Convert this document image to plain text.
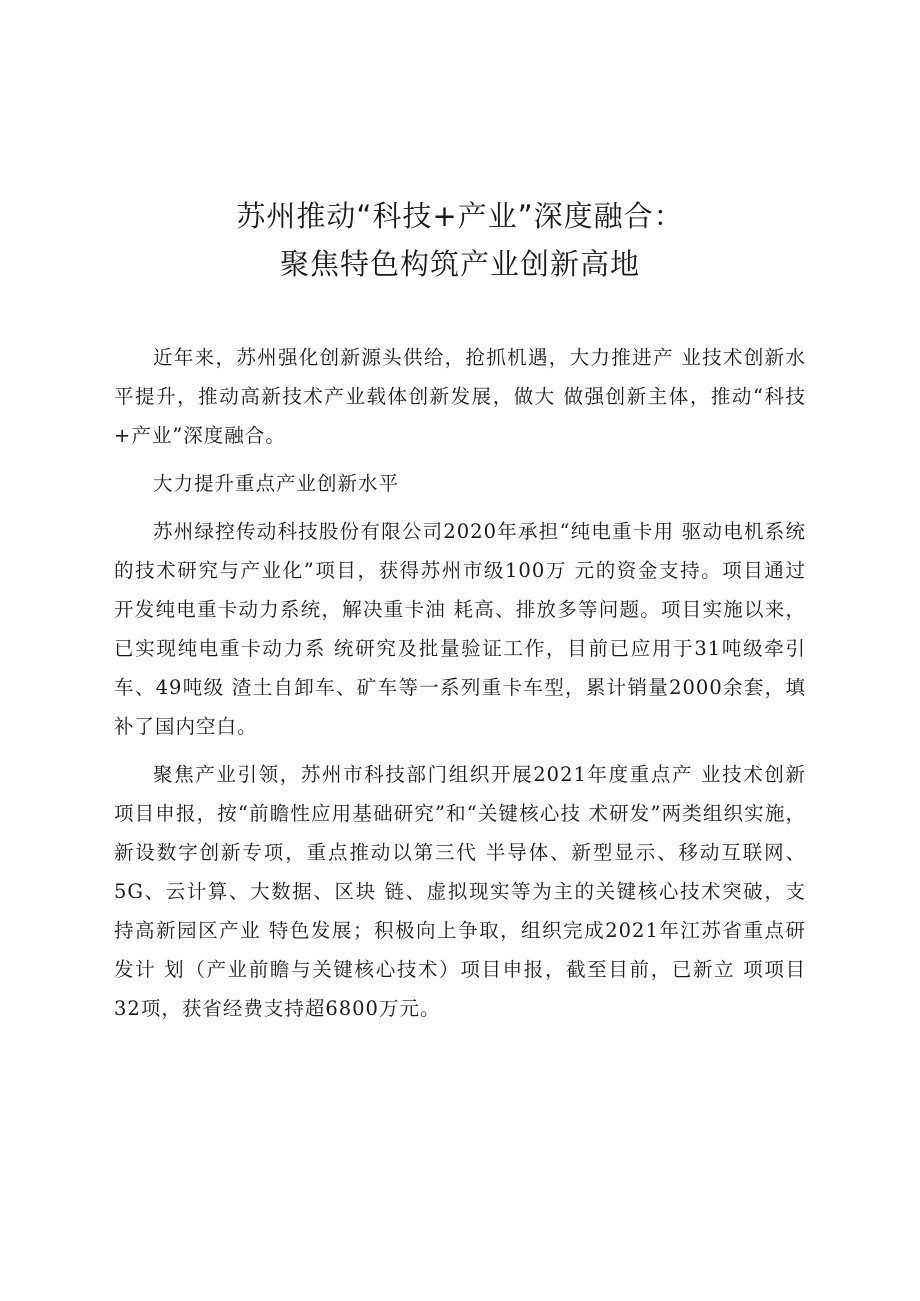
苏州推动“科技+产业”深度融合：
聚焦特色构筑产业创新高地

近年来，苏州强化创新源头供给，抢抓机遇，大力推进产 业技术创新水平提升，推动高新技术产业载体创新发展，做大 做强创新主体，推动“科技+产业”深度融合。

大力提升重点产业创新水平

苏州绿控传动科技股份有限公司2020年承担“纯电重卡用 驱动电机系统的技术研究与产业化”项目，获得苏州市级100万 元的资金支持。项目通过开发纯电重卡动力系统，解决重卡油 耗高、排放多等问题。项目实施以来，已实现纯电重卡动力系 统研究及批量验证工作，目前已应用于31吨级牵引车、49吨级 渣土自卸车、矿车等一系列重卡车型，累计销量2000余套，填 补了国内空白。

聚焦产业引领，苏州市科技部门组织开展2021年度重点产 业技术创新项目申报，按“前瞻性应用基础研究”和“关键核心技 术研发”两类组织实施，新设数字创新专项，重点推动以第三代 半导体、新型显示、移动互联网、5G、云计算、大数据、区块 链、虚拟现实等为主的关键核心技术突破，支持高新园区产业 特色发展；积极向上争取，组织完成2021年江苏省重点研发计 划（产业前瞻与关键核心技术）项目申报，截至目前，已新立 项项目32项，获省经费支持超6800万元。
